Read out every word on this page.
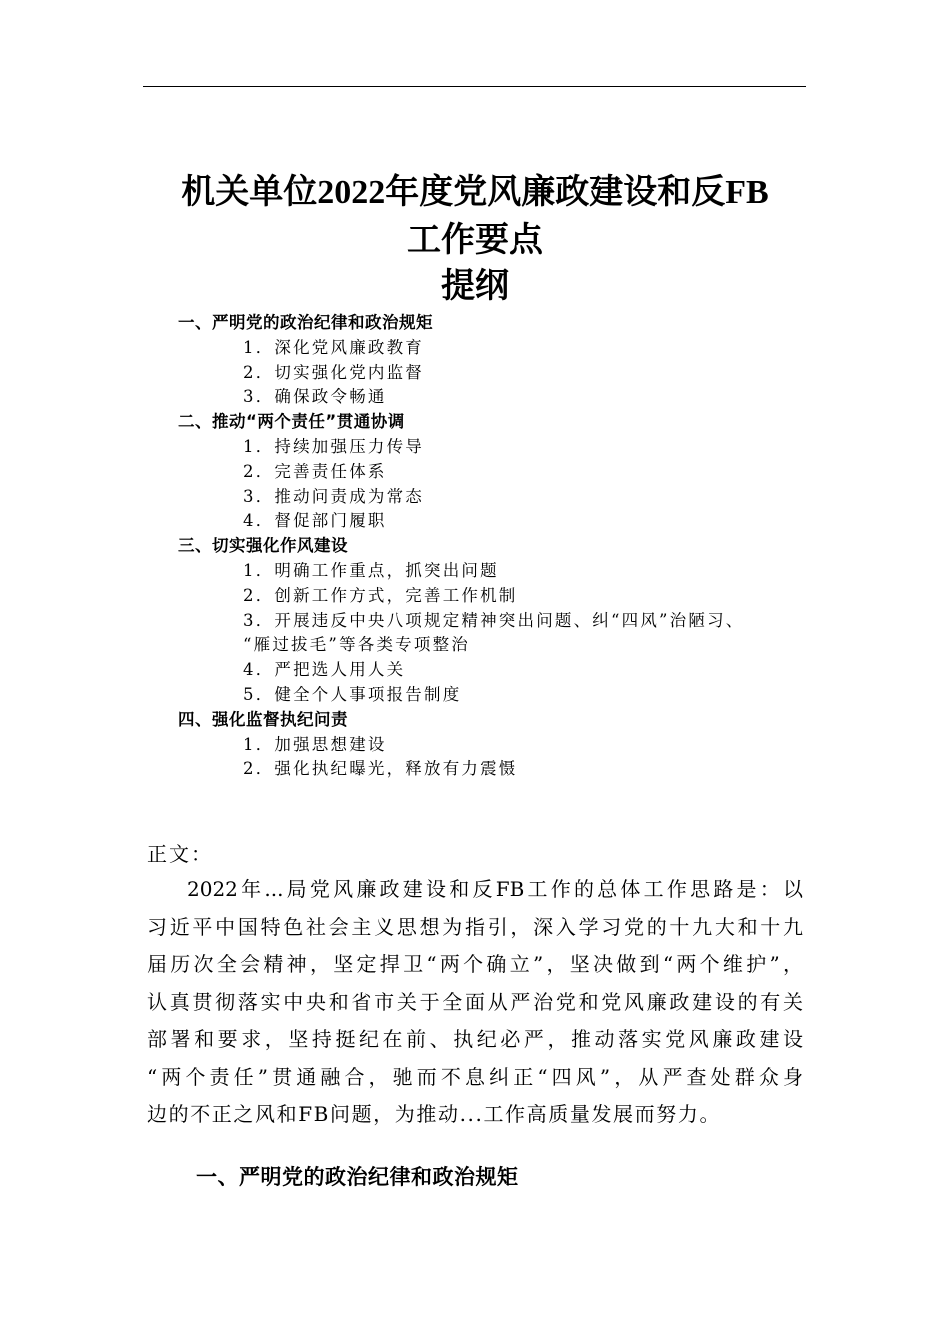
机关单位2022年度党风廉政建设和反FB
工作要点
提纲
一、严明党的政治纪律和政治规矩
1．深化党风廉政教育
2．切实强化党内监督
3．确保政令畅通
二、推动“两个责任”贯通协调
1．持续加强压力传导
2．完善责任体系
3．推动问责成为常态
4．督促部门履职
三、切实强化作风建设
1．明确工作重点，抓突出问题
2．创新工作方式，完善工作机制
3．开展违反中央八项规定精神突出问题、纠“四风”治陋习、
“雁过拔毛”等各类专项整治
4．严把选人用人关
5．健全个人事项报告制度
四、强化监督执纪问责
1．加强思想建设
2．强化执纪曝光，释放有力震慑
正文：
2022年...局党风廉政建设和反FB工作的总体工作思路是：以
习近平中国特色社会主义思想为指引，深入学习党的十九大和十九
届历次全会精神，坚定捍卫“两个确立”，坚决做到“两个维护”，
认真贯彻落实中央和省市关于全面从严治党和党风廉政建设的有关
部署和要求，坚持挺纪在前、执纪必严，推动落实党风廉政建设
“两个责任”贯通融合，驰而不息纠正“四风”，从严查处群众身
边的不正之风和FB问题，为推动...工作高质量发展而努力。
一、严明党的政治纪律和政治规矩
